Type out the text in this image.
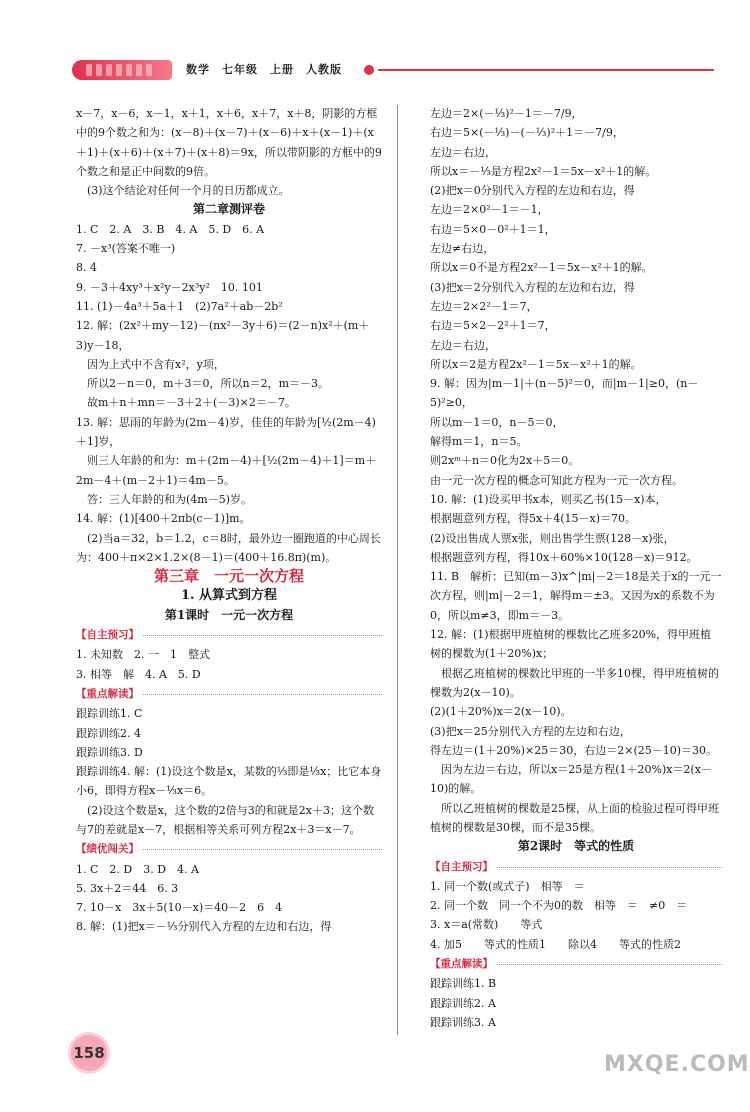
数学　七年级　上册　人教版

x－7，x－6，x－1，x＋1，x＋6，x＋7，x＋8，阴影的方框中的9个数之和为：(x－8)＋(x－7)＋(x－6)＋x＋(x－1)＋(x＋1)＋(x＋6)＋(x＋7)＋(x＋8)＝9x，所以带阴影的方框中的9个数之和是正中间数的9倍。

　(3)这个结论对任何一个月的日历都成立。

第二章测评卷

1. C　2. A　3. B　4. A　5. D　6. A

7. －x³(答案不唯一)

8. 4

9. －3＋4xy³＋x²y－2x³y²　10. 101

11. (1)－4a³＋5a＋1　(2)7a²＋ab－2b²

12. 解：(2x²＋my－12)－(nx²－3y＋6)＝(2－n)x²＋(m＋3)y－18，

　因为上式中不含有x²，y项，

　所以2－n＝0，m＋3＝0，所以n＝2，m＝－3。

　故m＋n＋mn＝－3＋2＋(－3)×2＝－7。

13. 解：思雨的年龄为(2m－4)岁，佳佳的年龄为[½(2m－4)＋1]岁，

　则三人年龄的和为：m＋(2m－4)＋[½(2m－4)＋1]＝m＋2m－4＋(m－2＋1)＝4m－5。

　答：三人年龄的和为(4m－5)岁。

14. 解：(1)[400＋2πb(c－1)]m。

　(2)当a＝32，b＝1.2，c＝8时，最外边一圈跑道的中心周长为：400＋π×2×1.2×(8－1)＝(400＋16.8π)(m)。

第三章　一元一次方程

1. 从算式到方程

第1课时　一元一次方程

【自主预习】

1. 未知数　2. 一　1　整式

3. 相等　解　4. A　5. D

【重点解读】

跟踪训练1. C

跟踪训练2. 4

跟踪训练3. D

跟踪训练4. 解：(1)设这个数是x，某数的⅓即是⅓x；比它本身小6，即得方程x－⅓x＝6。

　(2)设这个数是x，这个数的2倍与3的和就是2x＋3；这个数与7的差就是x－7，根据相等关系可列方程2x＋3＝x－7。

【绩优闯关】

1. C　2. D　3. D　4. A

5. 3x＋2＝44　6. 3

7. 10－x　3x＋5(10－x)＝40－2　6　4

8. 解：(1)把x＝－⅓分别代入方程的左边和右边，得

左边＝2×(－⅓)²－1＝－7/9，

右边＝5×(－⅓)－(－⅓)²＋1＝－7/9，

左边＝右边，

所以x＝－⅓是方程2x²－1＝5x－x²＋1的解。

(2)把x＝0分别代入方程的左边和右边，得

左边＝2×0²－1＝－1，

右边＝5×0－0²＋1＝1，

左边≠右边，

所以x＝0不是方程2x²－1＝5x－x²＋1的解。

(3)把x＝2分别代入方程的左边和右边，得

左边＝2×2²－1＝7，

右边＝5×2－2²＋1＝7，

左边＝右边，

所以x＝2是方程2x²－1＝5x－x²＋1的解。

9. 解：因为|m－1|＋(n－5)²＝0，而|m－1|≥0，(n－5)²≥0，

所以m－1＝0，n－5＝0，

解得m＝1，n＝5。

则2xᵐ＋n＝0化为2x＋5＝0。

由一元一次方程的概念可知此方程为一元一次方程。

10. 解：(1)设买甲书x本，则买乙书(15－x)本，

根据题意列方程，得5x＋4(15－x)＝70。

(2)设出售成人票x张，则出售学生票(128－x)张，

根据题意列方程，得10x＋60%×10(128－x)＝912。

11. B　解析：已知(m－3)x^|m|－2＝18是关于x的一元一次方程，则|m|－2＝1，解得m＝±3。又因为x的系数不为0，所以m≠3，即m＝－3。

12. 解：(1)根据甲班植树的棵数比乙班多20%，得甲班植树的棵数为(1＋20%)x；

　根据乙班植树的棵数比甲班的一半多10棵，得甲班植树的棵数为2(x－10)。

(2)(1＋20%)x＝2(x－10)。

(3)把x＝25分别代入方程的左边和右边，

得左边＝(1＋20%)×25＝30，右边＝2×(25－10)＝30。

　因为左边＝右边，所以x＝25是方程(1＋20%)x＝2(x－10)的解。

　所以乙班植树的棵数是25棵，从上面的检验过程可得甲班植树的棵数是30棵，而不是35棵。

第2课时　等式的性质

【自主预习】

1. 同一个数(或式子)　相等　＝

2. 同一个数　同一个不为0的数　相等　＝　≠0　＝

3. x＝a(常数)　　等式

4. 加5　　等式的性质1　　除以4　　等式的性质2

【重点解读】

跟踪训练1. B

跟踪训练2. A

跟踪训练3. A

158	MXQE.COM
